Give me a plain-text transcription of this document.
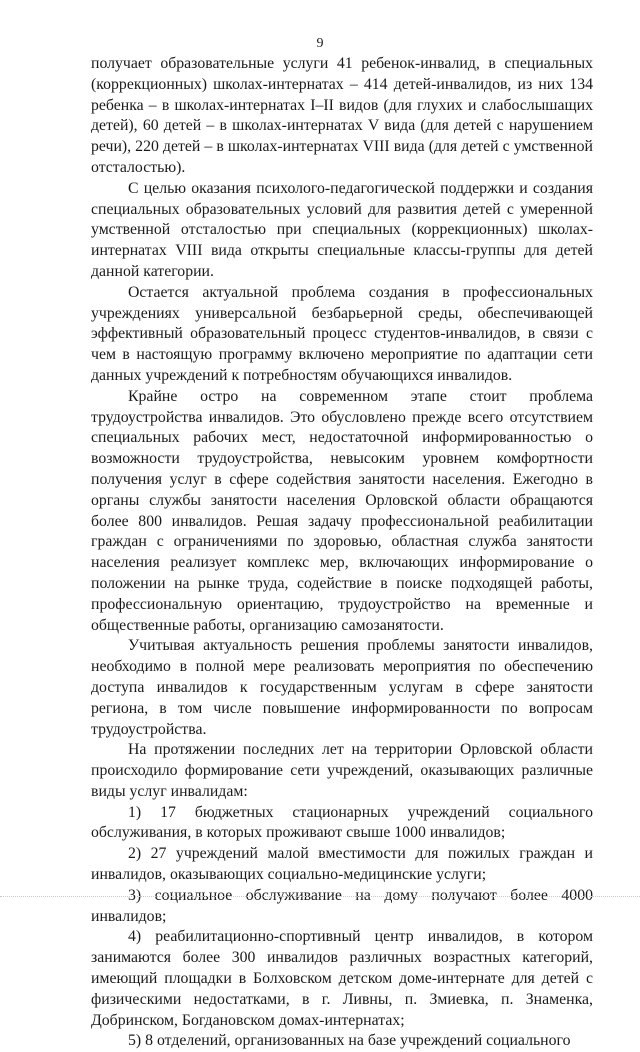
9

получает образовательные услуги 41 ребенок-инвалид, в специальных (коррекционных) школах-интернатах – 414 детей-инвалидов, из них 134 ребенка – в школах-интернатах I–II видов (для глухих и слабослышащих детей), 60 детей – в школах-интернатах V вида (для детей с нарушением речи), 220 детей – в школах-интернатах VIII вида (для детей с умственной отсталостью).

С целью оказания психолого-педагогической поддержки и создания специальных образовательных условий для развития детей с умеренной умственной отсталостью при специальных (коррекционных) школах-интернатах VIII вида открыты специальные классы-группы для детей данной категории.

Остается актуальной проблема создания в профессиональных учреждениях универсальной безбарьерной среды, обеспечивающей эффективный образовательный процесс студентов-инвалидов, в связи с чем в настоящую программу включено мероприятие по адаптации сети данных учреждений к потребностям обучающихся инвалидов.

Крайне остро на современном этапе стоит проблема трудоустройства инвалидов. Это обусловлено прежде всего отсутствием специальных рабочих мест, недостаточной информированностью о возможности трудоустройства, невысоким уровнем комфортности получения услуг в сфере содействия занятости населения. Ежегодно в органы службы занятости населения Орловской области обращаются более 800 инвалидов. Решая задачу профессиональной реабилитации граждан с ограничениями по здоровью, областная служба занятости населения реализует комплекс мер, включающих информирование о положении на рынке труда, содействие в поиске подходящей работы, профессиональную ориентацию, трудоустройство на временные и общественные работы, организацию самозанятости.

Учитывая актуальность решения проблемы занятости инвалидов, необходимо в полной мере реализовать мероприятия по обеспечению доступа инвалидов к государственным услугам в сфере занятости региона, в том числе повышение информированности по вопросам трудоустройства.

На протяжении последних лет на территории Орловской области происходило формирование сети учреждений, оказывающих различные виды услуг инвалидам:

1) 17 бюджетных стационарных учреждений социального обслуживания, в которых проживают свыше 1000 инвалидов;

2) 27 учреждений малой вместимости для пожилых граждан и инвалидов, оказывающих социально-медицинские услуги;

3) социальное обслуживание на дому получают более 4000 инвалидов;

4) реабилитационно-спортивный центр инвалидов, в котором занимаются более 300 инвалидов различных возрастных категорий, имеющий площадки в Болховском детском доме-интернате для детей с физическими недостатками, в г. Ливны, п. Змиевка, п. Знаменка, Добринском, Богдановском домах-интернатах;

5) 8 отделений, организованных на базе учреждений социального
